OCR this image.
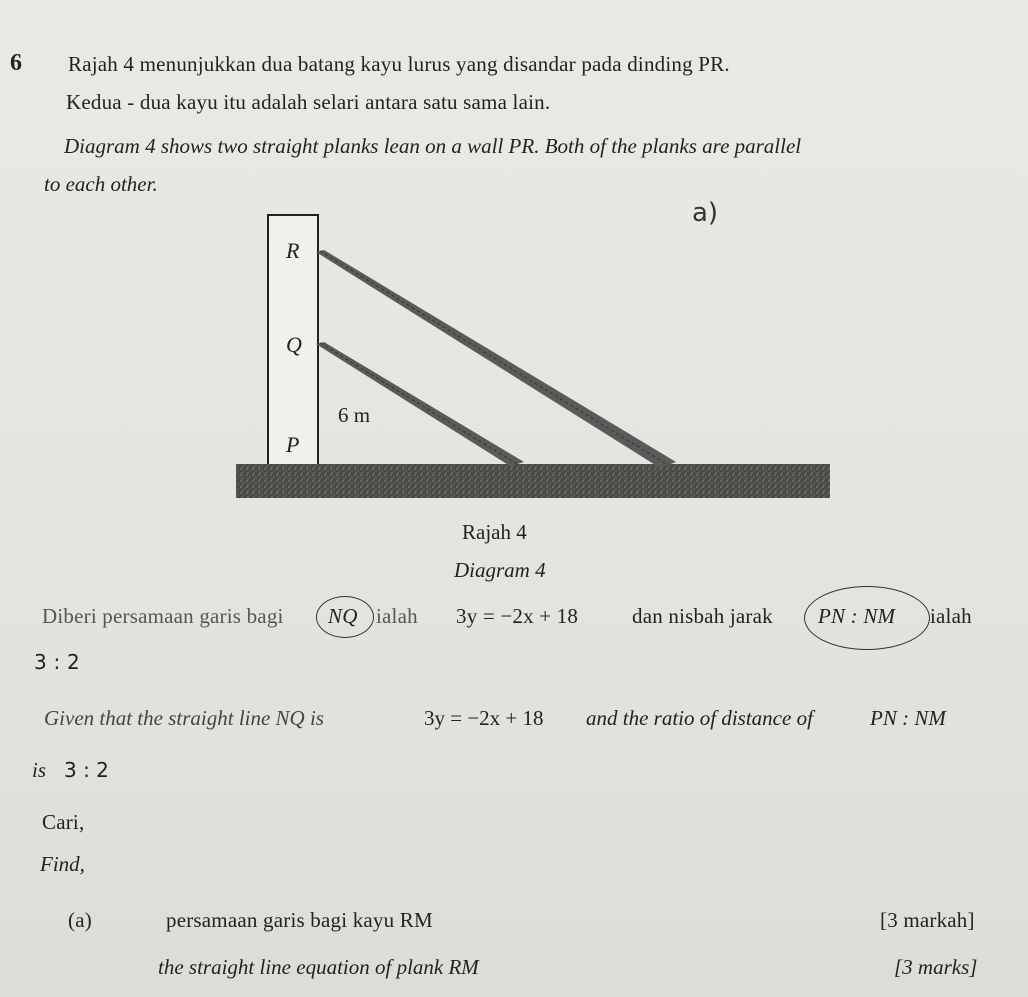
6 Rajah 4 menunjukkan dua batang kayu lurus yang disandar pada dinding PR.
Kedua - dua kayu itu adalah selari antara satu sama lain.
Diagram 4 shows two straight planks lean on a wall PR. Both of the planks are parallel
to each other.
a)
R
Q
P
6 m
Rajah 4
Diagram 4
Diberi persamaan garis bagi NQ ialah 3y = −2x + 18	dan nisbah jarak PN : NM ialah
3 : 2
Given that the straight line NQ is	3y = −2x + 18 and the ratio of distance of	PN : NM
is 3 : 2
Cari,
Find,
(a)	persamaan garis bagi kayu RM	[3 markah]
the straight line equation of plank RM	[3 marks]
